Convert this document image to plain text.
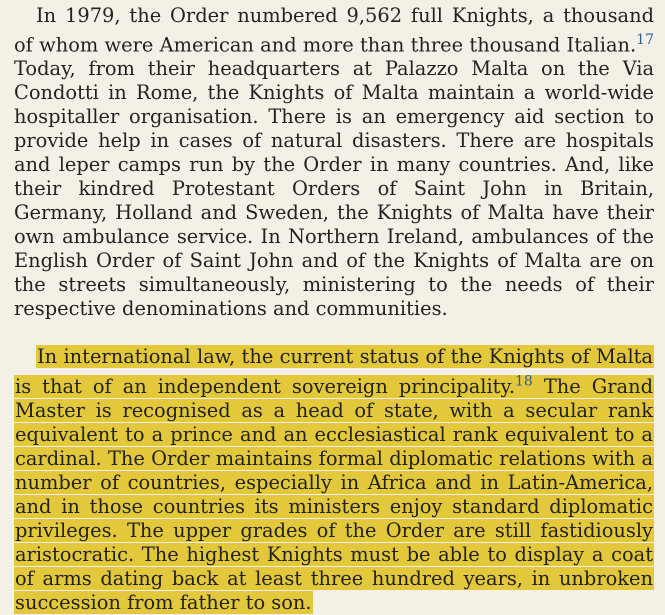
In 1979, the Order numbered 9,562 full Knights, a thousand of whom were American and more than three thousand Italian.$^{17}$ Today, from their headquarters at Palazzo Malta on the Via Condotti in Rome, the Knights of Malta maintain a world-wide hospitaller organisation. There is an emergency aid section to provide help in cases of natural disasters. There are hospitals and leper camps run by the Order in many countries. And, like their kindred Protestant Orders of Saint John in Britain, Germany, Holland and Sweden, the Knights of Malta have their own ambulance service. In Northern Ireland, ambulances of the English Order of Saint John and of the Knights of Malta are on the streets simultaneously, ministering to the needs of their respective denominations and communities.

In international law, the current status of the Knights of Malta is that of an independent sovereign principality.$^{18}$ The Grand Master is recognised as a head of state, with a secular rank equivalent to a prince and an ecclesiastical rank equivalent to a cardinal. The Order maintains formal diplomatic relations with a number of countries, especially in Africa and in Latin-America, and in those countries its ministers enjoy standard diplomatic privileges. The upper grades of the Order are still fastidiously aristocratic. The highest Knights must be able to display a coat of arms dating back at least three hundred years, in unbroken succession from father to son.
